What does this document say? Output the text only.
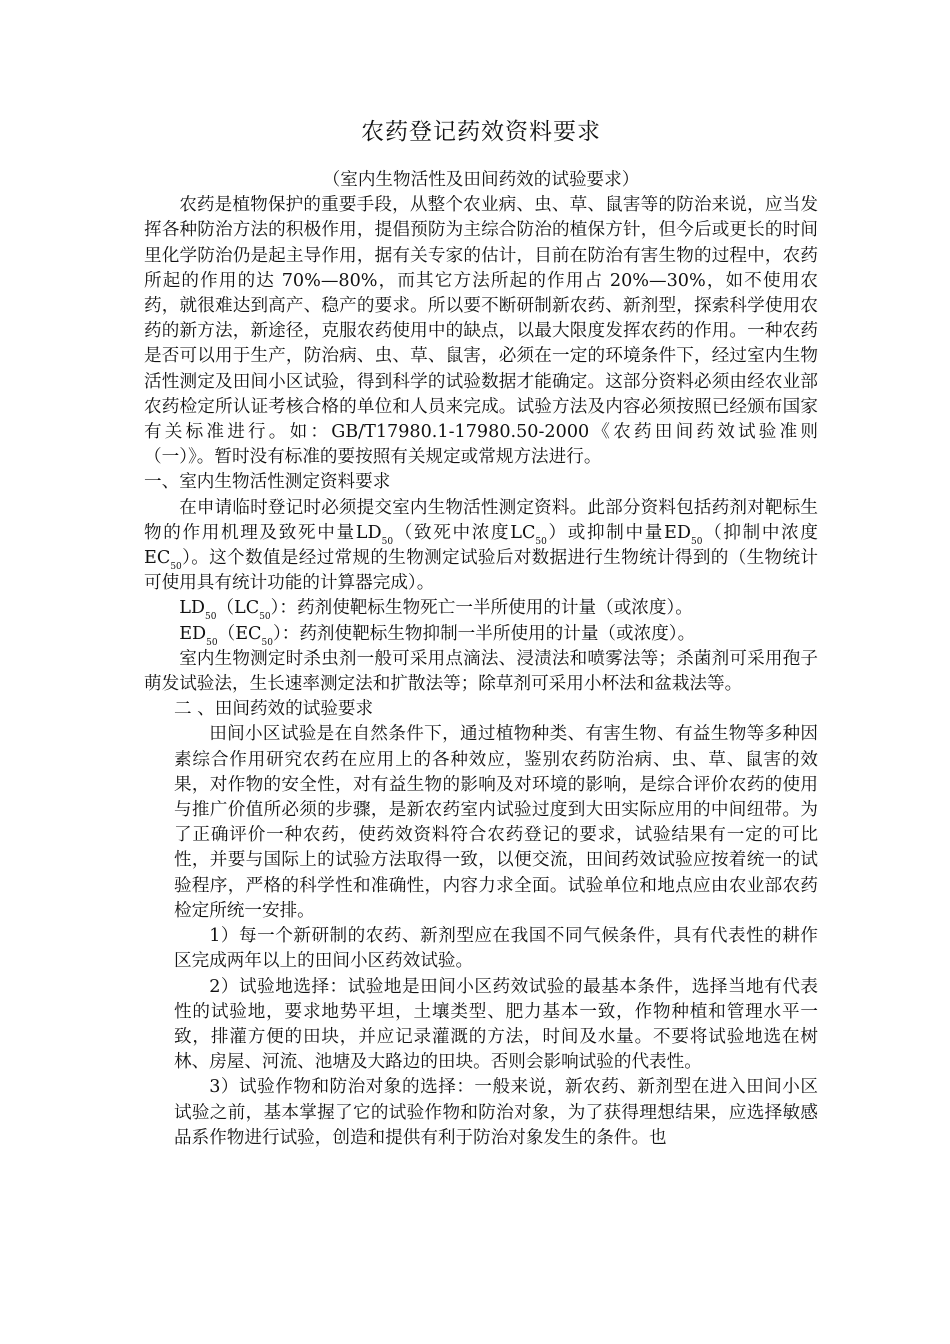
农药登记药效资料要求
（室内生物活性及田间药效的试验要求）

农药是植物保护的重要手段，从整个农业病、虫、草、鼠害等的防治来说，应当发挥各种防治方法的积极作用，提倡预防为主综合防治的植保方针，但今后或更长的时间里化学防治仍是起主导作用，据有关专家的估计，目前在防治有害生物的过程中，农药所起的作用的达 70%—80%，而其它方法所起的作用占 20%—30%，如不使用农药，就很难达到高产、稳产的要求。所以要不断研制新农药、新剂型，探索科学使用农药的新方法，新途径，克服农药使用中的缺点，以最大限度发挥农药的作用。一种农药是否可以用于生产，防治病、虫、草、鼠害，必须在一定的环境条件下，经过室内生物活性测定及田间小区试验，得到科学的试验数据才能确定。这部分资料必须由经农业部农药检定所认证考核合格的单位和人员来完成。试验方法及内容必须按照已经颁布国家有关标准进行。如：GB/T17980.1-17980.50-2000《农药田间药效试验准则（一）》。暂时没有标准的要按照有关规定或常规方法进行。

一、室内生物活性测定资料要求

在申请临时登记时必须提交室内生物活性测定资料。此部分资料包括药剂对靶标生物的作用机理及致死中量$LD_{50}$（致死中浓度$LC_{50}$）或抑制中量$ED_{50}$（抑制中浓度$EC_{50}$）。这个数值是经过常规的生物测定试验后对数据进行生物统计得到的（生物统计可使用具有统计功能的计算器完成）。

$LD_{50}(LC_{50})$：药剂使靶标生物死亡一半所使用的计量（或浓度）。

$ED_{50}(EC_{50})$：药剂使靶标生物抑制一半所使用的计量（或浓度）。

室内生物测定时杀虫剂一般可采用点滴法、浸渍法和喷雾法等；杀菌剂可采用孢子萌发试验法，生长速率测定法和扩散法等；除草剂可采用小杯法和盆栽法等。

二 、田间药效的试验要求

田间小区试验是在自然条件下，通过植物种类、有害生物、有益生物等多种因素综合作用研究农药在应用上的各种效应，鉴别农药防治病、虫、草、鼠害的效果，对作物的安全性，对有益生物的影响及对环境的影响，是综合评价农药的使用与推广价值所必须的步骤，是新农药室内试验过度到大田实际应用的中间纽带。为了正确评价一种农药，使药效资料符合农药登记的要求，试验结果有一定的可比性，并要与国际上的试验方法取得一致，以便交流，田间药效试验应按着统一的试验程序，严格的科学性和准确性，内容力求全面。试验单位和地点应由农业部农药检定所统一安排。

1）每一个新研制的农药、新剂型应在我国不同气候条件，具有代表性的耕作区完成两年以上的田间小区药效试验。

2）试验地选择：试验地是田间小区药效试验的最基本条件，选择当地有代表性的试验地，要求地势平坦，土壤类型、肥力基本一致，作物种植和管理水平一致，排灌方便的田块，并应记录灌溉的方法，时间及水量。不要将试验地选在树林、房屋、河流、池塘及大路边的田块。否则会影响试验的代表性。

3）试验作物和防治对象的选择：一般来说，新农药、新剂型在进入田间小区试验之前，基本掌握了它的试验作物和防治对象，为了获得理想结果，应选择敏感品系作物进行试验，创造和提供有利于防治对象发生的条件。也
